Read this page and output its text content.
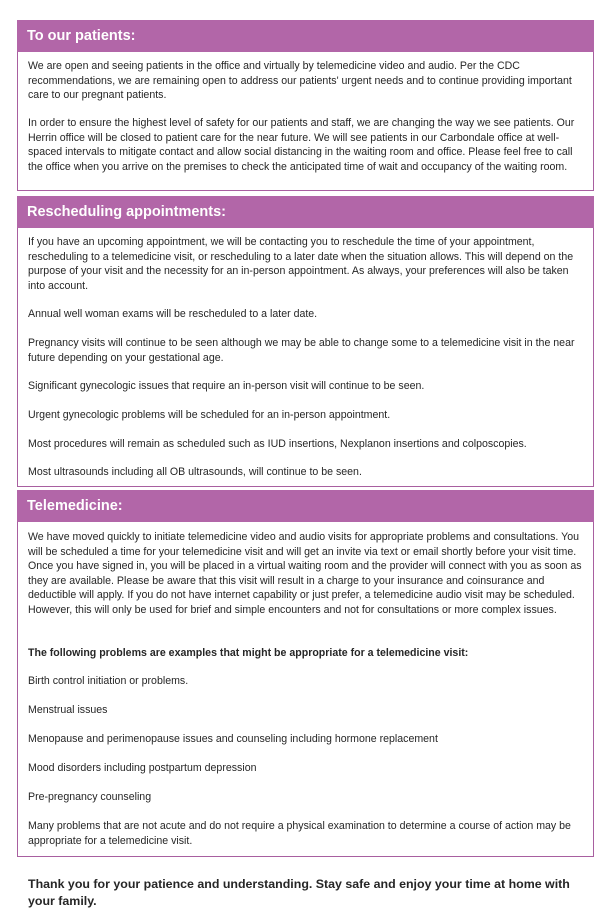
To our patients:

We are open and seeing patients in the office and virtually by telemedicine video and audio. Per the CDC recommendations, we are remaining open to address our patients' urgent needs and to continue providing important care to our pregnant patients.

In order to ensure the highest level of safety for our patients and staff, we are changing the way we see patients. Our Herrin office will be closed to patient care for the near future. We will see patients in our Carbondale office at well-spaced intervals to mitigate contact and allow social distancing in the waiting room and office. Please feel free to call the office when you arrive on the premises to check the anticipated time of wait and occupancy of the waiting room.

Rescheduling appointments:

If you have an upcoming appointment, we will be contacting you to reschedule the time of your appointment, rescheduling to a telemedicine visit, or rescheduling to a later date when the situation allows. This will depend on the purpose of your visit and the necessity for an in-person appointment. As always, your preferences will also be taken into account.

Annual well woman exams will be rescheduled to a later date.

Pregnancy visits will continue to be seen although we may be able to change some to a telemedicine visit in the near future depending on your gestational age.

Significant gynecologic issues that require an in-person visit will continue to be seen.

Urgent gynecologic problems will be scheduled for an in-person appointment.

Most procedures will remain as scheduled such as IUD insertions, Nexplanon insertions and colposcopies.

Most ultrasounds including all OB ultrasounds, will continue to be seen.

Telemedicine:

We have moved quickly to initiate telemedicine video and audio visits for appropriate problems and consultations. You will be scheduled a time for your telemedicine visit and will get an invite via text or email shortly before your visit time. Once you have signed in, you will be placed in a virtual waiting room and the provider will connect with you as soon as they are available. Please be aware that this visit will result in a charge to your insurance and coinsurance and deductible will apply. If you do not have internet capability or just prefer, a telemedicine audio visit may be scheduled. However, this will only be used for brief and simple encounters and not for consultations or more complex issues.

The following problems are examples that might be appropriate for a telemedicine visit:

Birth control initiation or problems.

Menstrual issues

Menopause and perimenopause issues and counseling including hormone replacement

Mood disorders including postpartum depression

Pre-pregnancy counseling

Many problems that are not acute and do not require a physical examination to determine a course of action may be appropriate for a telemedicine visit.

Thank you for your patience and understanding. Stay safe and enjoy your time at home with your family.
